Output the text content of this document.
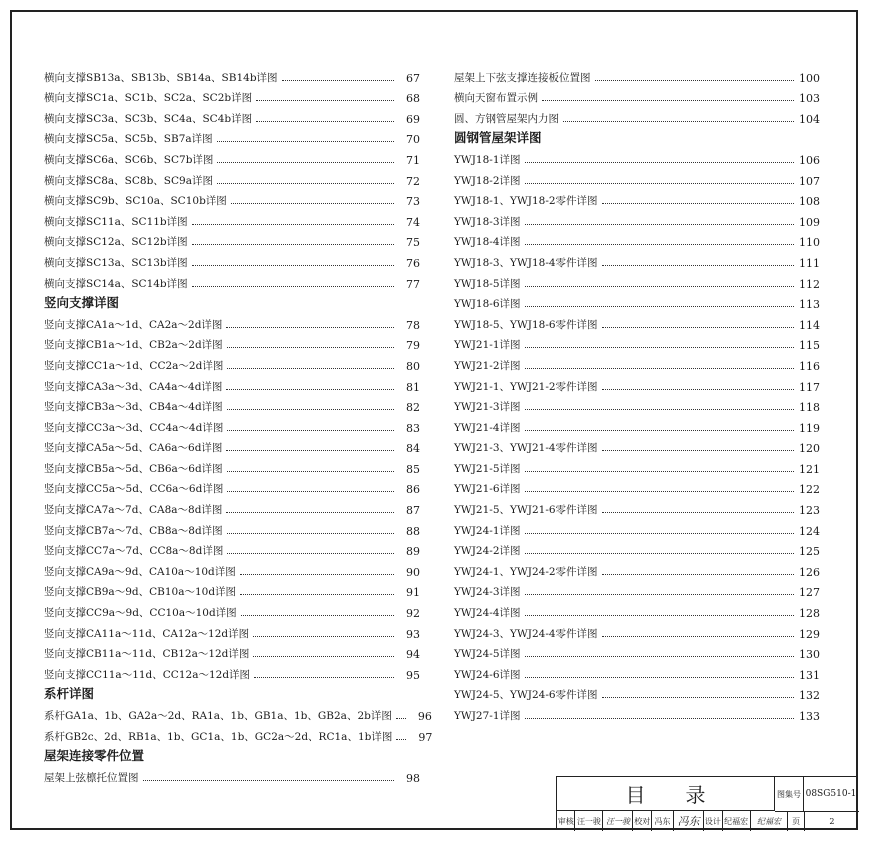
横向支撑SB13a、SB13b、SB14a、SB14b详图	67
横向支撑SC1a、SC1b、SC2a、SC2b详图	68
横向支撑SC3a、SC3b、SC4a、SC4b详图	69
横向支撑SC5a、SC5b、SB7a详图	70
横向支撑SC6a、SC6b、SC7b详图	71
横向支撑SC8a、SC8b、SC9a详图	72
横向支撑SC9b、SC10a、SC10b详图	73
横向支撑SC11a、SC11b详图	74
横向支撑SC12a、SC12b详图	75
横向支撑SC13a、SC13b详图	76
横向支撑SC14a、SC14b详图	77
竖向支撑详图
竖向支撑CA1a～1d、CA2a～2d详图	78
竖向支撑CB1a～1d、CB2a～2d详图	79
竖向支撑CC1a～1d、CC2a～2d详图	80
竖向支撑CA3a～3d、CA4a～4d详图	81
竖向支撑CB3a～3d、CB4a～4d详图	82
竖向支撑CC3a～3d、CC4a～4d详图	83
竖向支撑CA5a～5d、CA6a～6d详图	84
竖向支撑CB5a～5d、CB6a～6d详图	85
竖向支撑CC5a～5d、CC6a～6d详图	86
竖向支撑CA7a～7d、CA8a～8d详图	87
竖向支撑CB7a～7d、CB8a～8d详图	88
竖向支撑CC7a～7d、CC8a～8d详图	89
竖向支撑CA9a～9d、CA10a～10d详图	90
竖向支撑CB9a～9d、CB10a～10d详图	91
竖向支撑CC9a～9d、CC10a～10d详图	92
竖向支撑CA11a～11d、CA12a～12d详图	93
竖向支撑CB11a～11d、CB12a～12d详图	94
竖向支撑CC11a～11d、CC12a～12d详图	95
系杆详图
系杆GA1a、1b、GA2a～2d、RA1a、1b、GB1a、1b、GB2a、2b详图	96
系杆GB2c、2d、RB1a、1b、GC1a、1b、GC2a～2d、RC1a、1b详图	97
屋架连接零件位置
屋架上弦檩托位置图	98
屋架上下弦支撑连接板位置图	100
横向天窗布置示例	103
圆、方钢管屋架内力图	104
圆钢管屋架详图
YWJ18-1详图	106
YWJ18-2详图	107
YWJ18-1、YWJ18-2零件详图	108
YWJ18-3详图	109
YWJ18-4详图	110
YWJ18-3、YWJ18-4零件详图	111
YWJ18-5详图	112
YWJ18-6详图	113
YWJ18-5、YWJ18-6零件详图	114
YWJ21-1详图	115
YWJ21-2详图	116
YWJ21-1、YWJ21-2零件详图	117
YWJ21-3详图	118
YWJ21-4详图	119
YWJ21-3、YWJ21-4零件详图	120
YWJ21-5详图	121
YWJ21-6详图	122
YWJ21-5、YWJ21-6零件详图	123
YWJ24-1详图	124
YWJ24-2详图	125
YWJ24-1、YWJ24-2零件详图	126
YWJ24-3详图	127
YWJ24-4详图	128
YWJ24-3、YWJ24-4零件详图	129
YWJ24-5详图	130
YWJ24-6详图	131
YWJ24-5、YWJ24-6零件详图	132
YWJ27-1详图	133
目录	图集号 08SG510-1
审核 汪一骏 汪一骏 校对 冯东 冯东 设计 纪福宏	纪福宏	页	2
